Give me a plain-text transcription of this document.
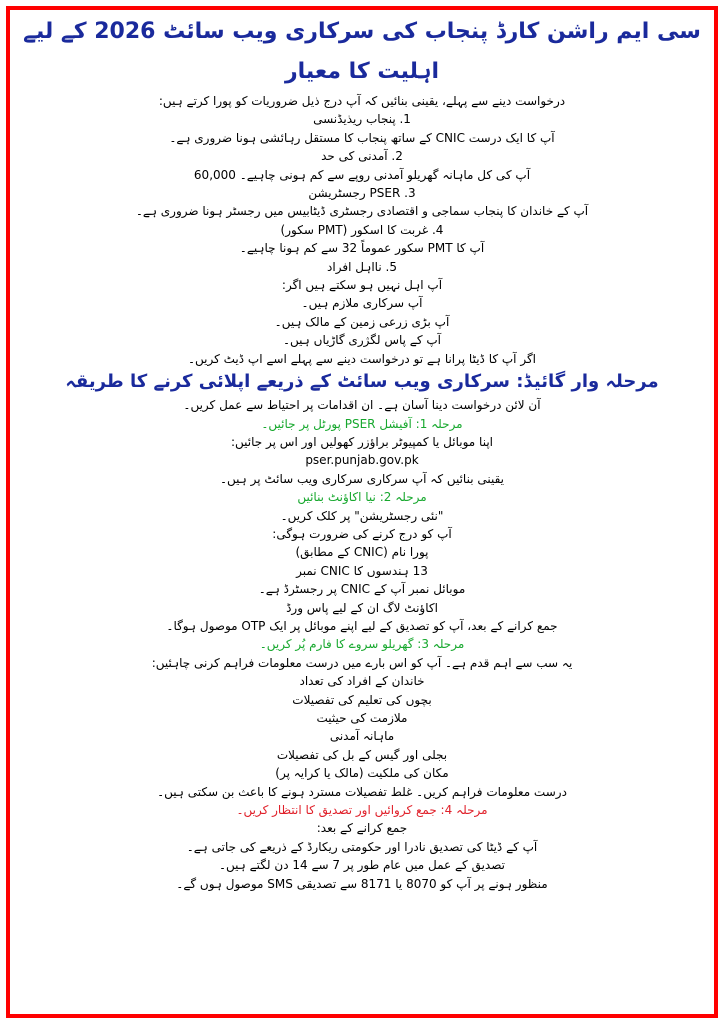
سی ایم راشن کارڈ پنجاب کی سرکاری ویب سائٹ 2026 کے لیے اہلیت کا معیار

درخواست دینے سے پہلے، یقینی بنائیں کہ آپ درج ذیل ضروریات کو پورا کرتے ہیں:

1. پنجاب ریذیڈنسی

آپ کا ایک درست CNIC کے ساتھ پنجاب کا مستقل رہائشی ہونا ضروری ہے۔

2. آمدنی کی حد

آپ کی کل ماہانہ گھریلو آمدنی روپے سے کم ہونی چاہیے۔ 60,000

PSER .3 رجسٹریشن

آپ کے خاندان کا پنجاب سماجی و اقتصادی رجسٹری ڈیٹابیس میں رجسٹر ہونا ضروری ہے۔

4. غربت کا اسکور (PMT سکور)

آپ کا PMT سکور عموماً 32 سے کم ہونا چاہیے۔

5. نااہل افراد

آپ اہل نہیں ہو سکتے ہیں اگر:

آپ سرکاری ملازم ہیں۔

آپ بڑی زرعی زمین کے مالک ہیں۔

آپ کے پاس لگژری گاڑیاں ہیں۔

اگر آپ کا ڈیٹا پرانا ہے تو درخواست دینے سے پہلے اسے اپ ڈیٹ کریں۔

مرحلہ وار گائیڈ: سرکاری ویب سائٹ کے ذریعے اپلائی کرنے کا طریقہ

آن لائن درخواست دینا آسان ہے۔ ان اقدامات پر احتیاط سے عمل کریں۔

مرحلہ 1: آفیشل PSER پورٹل پر جائیں۔

اپنا موبائل یا کمپیوٹر براؤزر کھولیں اور اس پر جائیں:

pser.punjab.gov.pk

یقینی بنائیں کہ آپ سرکاری سرکاری ویب سائٹ پر ہیں۔

مرحلہ 2: نیا اکاؤنٹ بنائیں

"نئی رجسٹریشن" پر کلک کریں۔

آپ کو درج کرنے کی ضرورت ہوگی:

پورا نام (CNIC کے مطابق)

13 ہندسوں کا CNIC نمبر

موبائل نمبر آپ کے CNIC پر رجسٹرڈ ہے۔

اکاؤنٹ لاگ ان کے لیے پاس ورڈ

جمع کرانے کے بعد، آپ کو تصدیق کے لیے اپنے موبائل پر ایک OTP موصول ہوگا۔

مرحلہ 3: گھریلو سروے کا فارم پُر کریں۔

یہ سب سے اہم قدم ہے۔ آپ کو اس بارے میں درست معلومات فراہم کرنی چاہئیں:

خاندان کے افراد کی تعداد

بچوں کی تعلیم کی تفصیلات

ملازمت کی حیثیت

ماہانہ آمدنی

بجلی اور گیس کے بل کی تفصیلات

مکان کی ملکیت (مالک یا کرایہ پر)

درست معلومات فراہم کریں۔ غلط تفصیلات مسترد ہونے کا باعث بن سکتی ہیں۔

مرحلہ 4: جمع کروائیں اور تصدیق کا انتظار کریں۔

جمع کرانے کے بعد:

آپ کے ڈیٹا کی تصدیق نادرا اور حکومتی ریکارڈ کے ذریعے کی جاتی ہے۔

تصدیق کے عمل میں عام طور پر 7 سے 14 دن لگتے ہیں۔

منظور ہونے پر آپ کو 8070 یا 8171 سے تصدیقی SMS موصول ہوں گے۔
